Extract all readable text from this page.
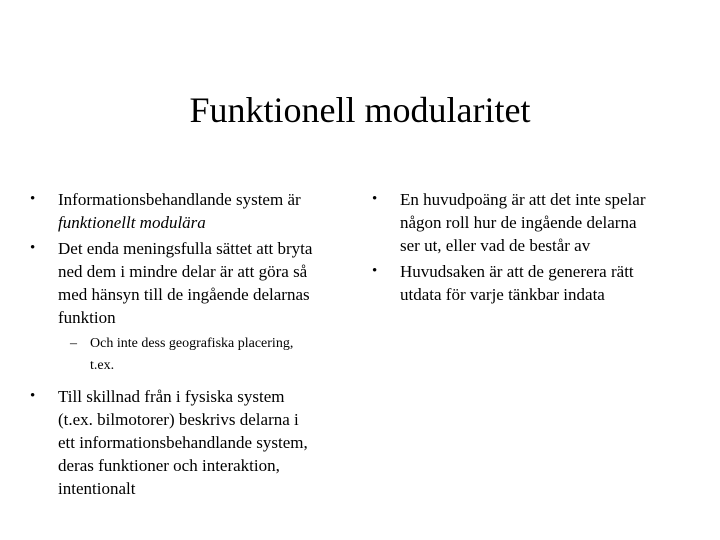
Funktionell modularitet
• Informationsbehandlande system är
funktionellt modulära
• Det enda meningsfulla sättet att bryta
ned dem i mindre delar är att göra så
med hänsyn till de ingående delarnas
funktion
– Och inte dess geografiska placering,
t.ex.
• Till skillnad från i fysiska system
(t.ex. bilmotorer) beskrivs delarna i
ett informationsbehandlande system,
deras funktioner och interaktion,
intentionalt
• En huvudpoäng är att det inte spelar
någon roll hur de ingående delarna
ser ut, eller vad de består av
• Huvudsaken är att de generera rätt
utdata för varje tänkbar indata
